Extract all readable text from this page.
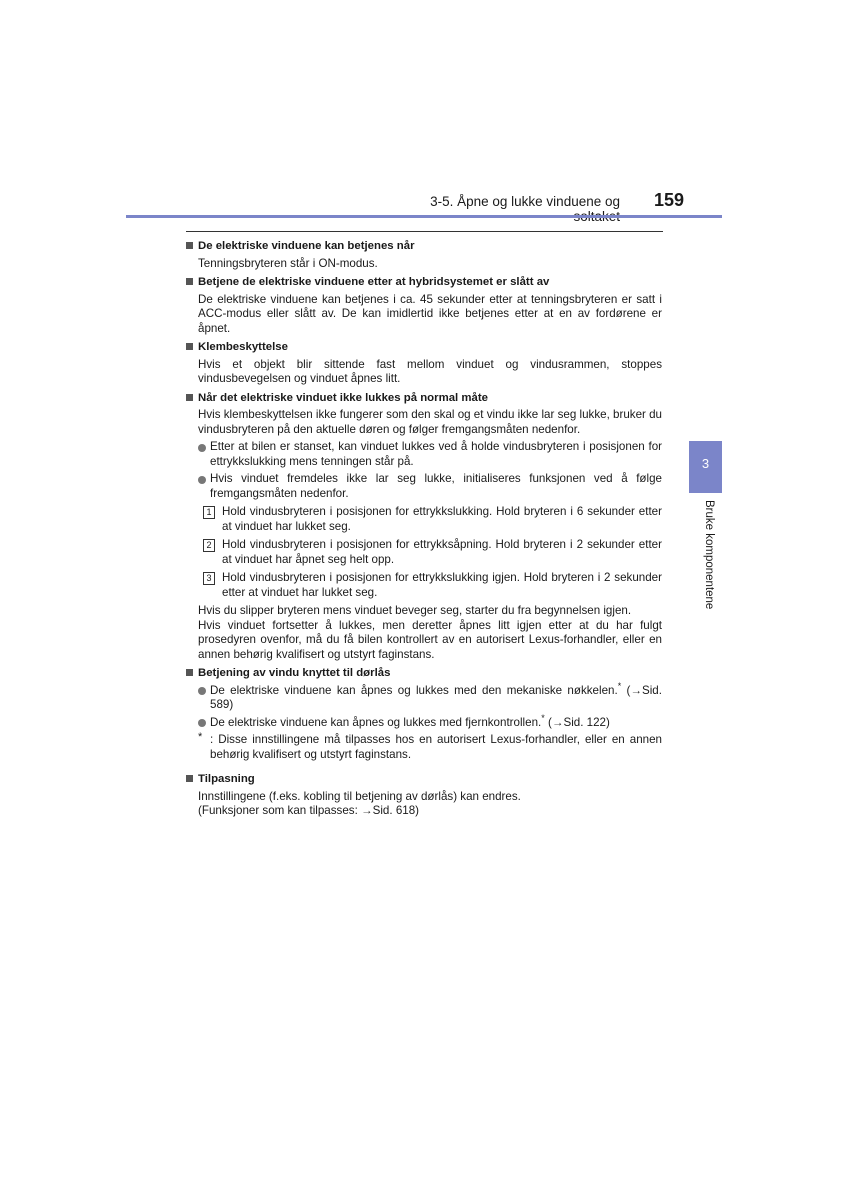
3-5. Åpne og lukke vinduene og	159
De elektriske vinduene kan betjenes når
Tenningsbryteren står i ON-modus.
Betjene de elektriske vinduene etter at hybridsystemet er slått av
De elektriske vinduene kan betjenes i ca. 45 sekunder etter at tenningsbryteren er satt i ACC-modus eller slått av. De kan imidlertid ikke betjenes etter at en av fordørene er åpnet.
Klembeskyttelse
Hvis et objekt blir sittende fast mellom vinduet og vindusrammen, stoppes vindusbevegelsen og vinduet åpnes litt.
Når det elektriske vinduet ikke lukkes på normal måte
Hvis klembeskyttelsen ikke fungerer som den skal og et vindu ikke lar seg lukke, bruker du vindusbryteren på den aktuelle døren og følger fremgangsmåten nedenfor.
Etter at bilen er stanset, kan vinduet lukkes ved å holde vindusbryteren i posisjonen for ettrykkslukking mens tenningen står på.
Hvis vinduet fremdeles ikke lar seg lukke, initialiseres funksjonen ved å følge fremgangsmåten nedenfor.
1 Hold vindusbryteren i posisjonen for ettrykkslukking. Hold bryteren i 6 sekunder etter at vinduet har lukket seg.
2 Hold vindusbryteren i posisjonen for ettrykksåpning. Hold bryteren i 2 sekunder etter at vinduet har åpnet seg helt opp.
3 Hold vindusbryteren i posisjonen for ettrykkslukking igjen. Hold bryteren i 2 sekunder etter at vinduet har lukket seg.
Hvis du slipper bryteren mens vinduet beveger seg, starter du fra begynnelsen igjen.
Hvis vinduet fortsetter å lukkes, men deretter åpnes litt igjen etter at du har fulgt prosedyren ovenfor, må du få bilen kontrollert av en autorisert Lexus-forhandler, eller en annen behørig kvalifisert og utstyrt faginstans.
Betjening av vindu knyttet til dørlås
De elektriske vinduene kan åpnes og lukkes med den mekaniske nøkkelen.* (→Sid. 589)
De elektriske vinduene kan åpnes og lukkes med fjernkontrollen.* (→Sid. 122)
* : Disse innstillingene må tilpasses hos en autorisert Lexus-forhandler, eller en annen behørig kvalifisert og utstyrt faginstans.
Tilpasning
Innstillingene (f.eks. kobling til betjening av dørlås) kan endres.
(Funksjoner som kan tilpasses: →Sid. 618)
3
Bruke komponentene
